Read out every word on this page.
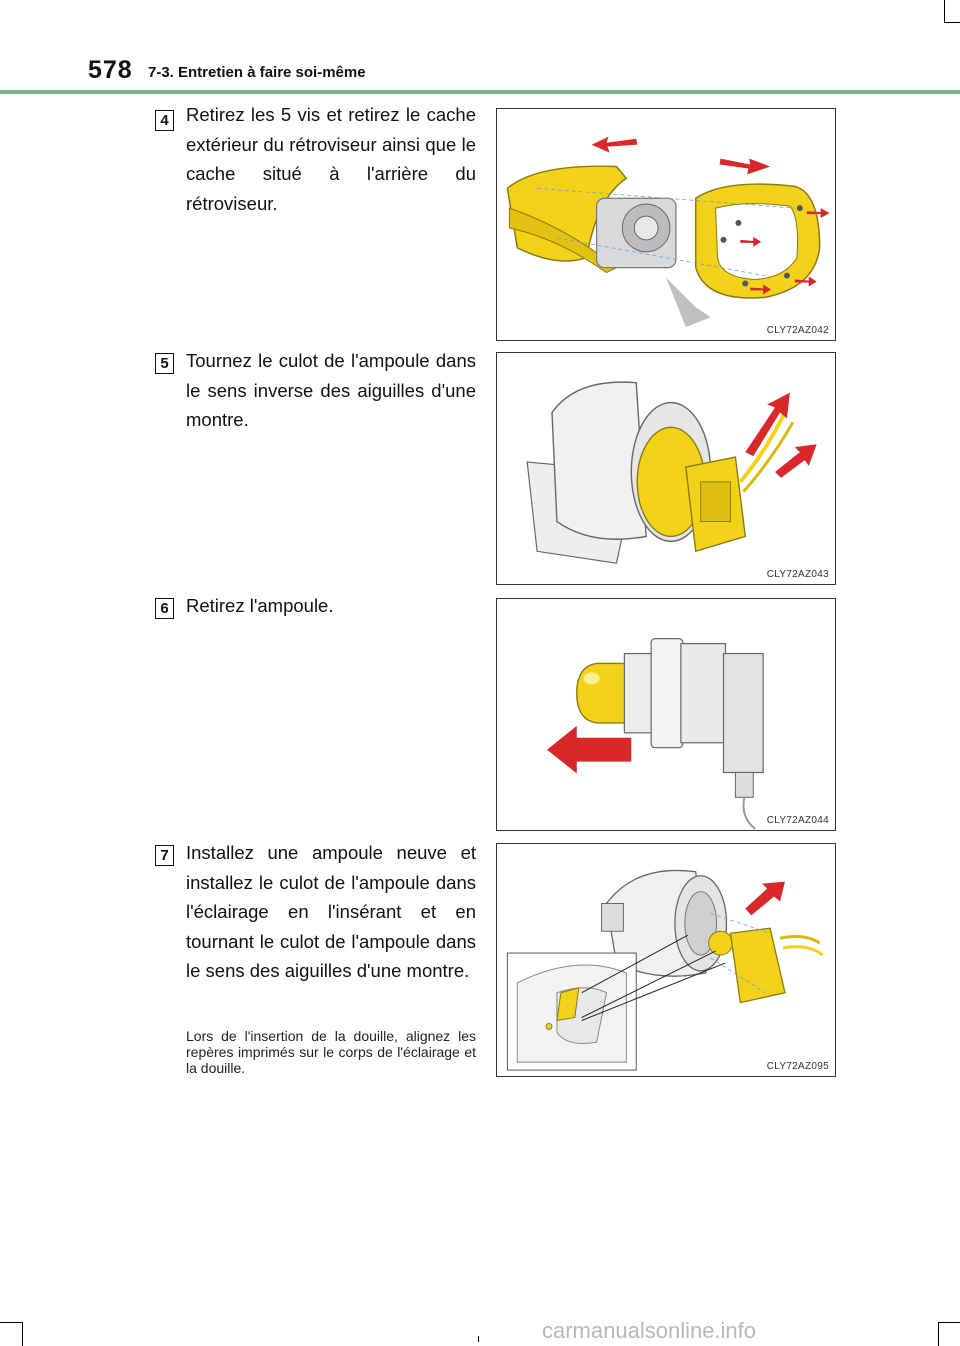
578 7-3. Entretien à faire soi-même
4 Retirez les 5 vis et retirez le cache extérieur du rétroviseur ainsi que le cache situé à l'arrière du rétroviseur.
CLY72AZ042
5 Tournez le culot de l'ampoule dans le sens inverse des aiguilles d'une montre.
CLY72AZ043
6 Retirez l'ampoule.
CLY72AZ044
7 Installez une ampoule neuve et installez le culot de l'ampoule dans l'éclairage en l'insérant et en tournant le culot de l'ampoule dans le sens des aiguilles d'une montre.
Lors de l'insertion de la douille, alignez les repères imprimés sur le corps de l'éclairage et la douille.	CLY72AZ095
carmanualsonline.info
